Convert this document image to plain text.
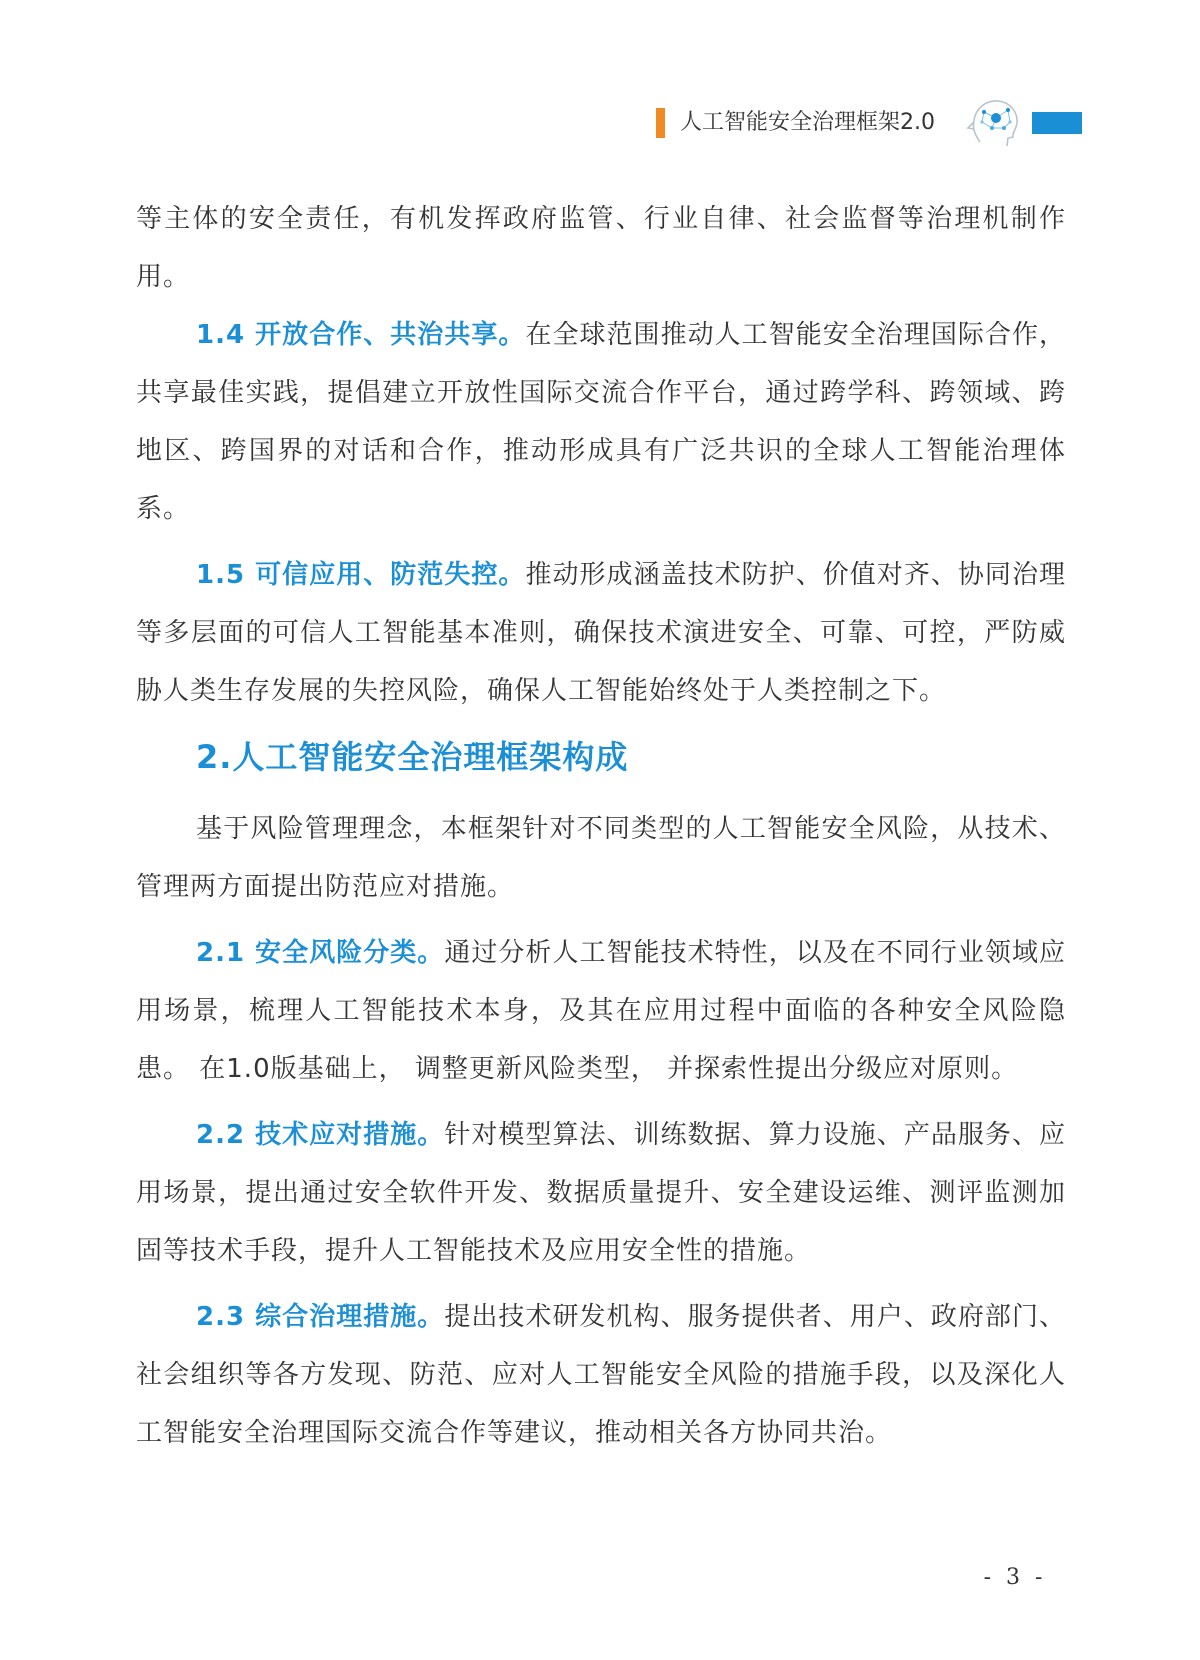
人工智能安全治理框架2.0

等主体的安全责任，有机发挥政府监管、行业自律、社会监督等治理机制作用。

1.4 开放合作、共治共享。在全球范围推动人工智能安全治理国际合作，共享最佳实践，提倡建立开放性国际交流合作平台，通过跨学科、跨领域、跨地区、跨国界的对话和合作，推动形成具有广泛共识的全球人工智能治理体系。

1.5 可信应用、防范失控。推动形成涵盖技术防护、价值对齐、协同治理等多层面的可信人工智能基本准则，确保技术演进安全、可靠、可控，严防威胁人类生存发展的失控风险，确保人工智能始终处于人类控制之下。

2.人工智能安全治理框架构成

基于风险管理理念，本框架针对不同类型的人工智能安全风险，从技术、管理两方面提出防范应对措施。

2.1 安全风险分类。通过分析人工智能技术特性，以及在不同行业领域应用场景，梳理人工智能技术本身，及其在应用过程中面临的各种安全风险隐患。 在1.0版基础上， 调整更新风险类型， 并探索性提出分级应对原则。

2.2 技术应对措施。针对模型算法、训练数据、算力设施、产品服务、应用场景，提出通过安全软件开发、数据质量提升、安全建设运维、测评监测加固等技术手段，提升人工智能技术及应用安全性的措施。

2.3 综合治理措施。提出技术研发机构、服务提供者、用户、政府部门、社会组织等各方发现、防范、应对人工智能安全风险的措施手段，以及深化人工智能安全治理国际交流合作等建议，推动相关各方协同共治。

- 3 -
